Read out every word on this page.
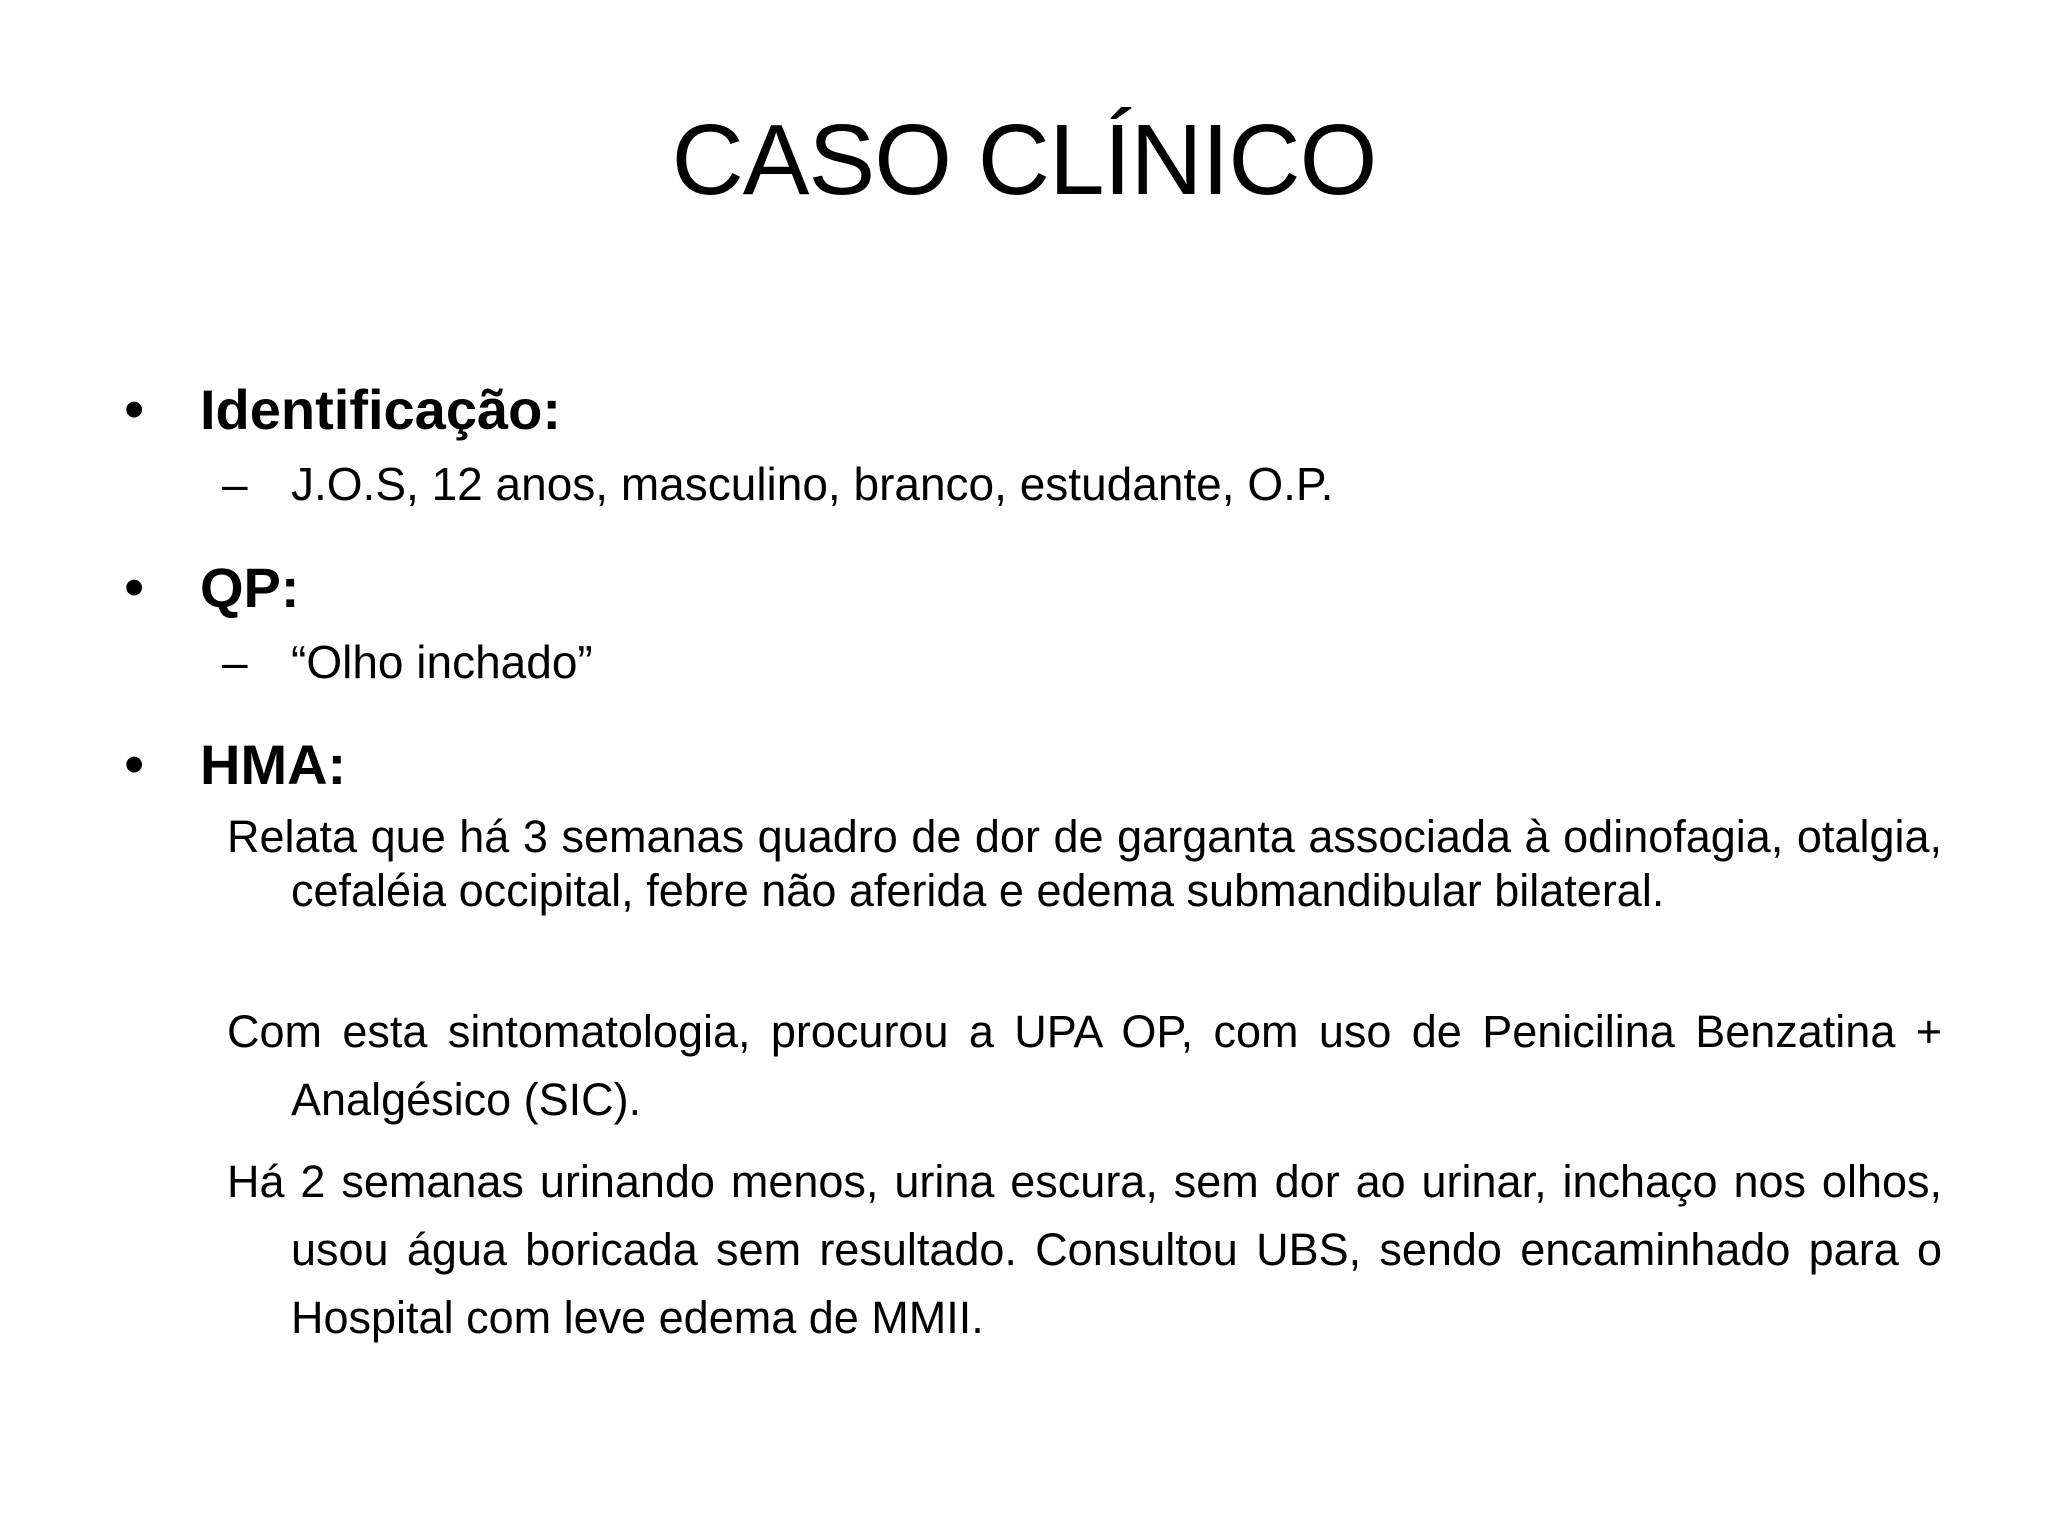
CASO CLÍNICO
• Identificação:
– J.O.S, 12 anos, masculino, branco, estudante, O.P.
• QP:
– “Olho inchado”
• HMA:

Relata que há 3 semanas quadro de dor de garganta associada à odinofagia, otalgia, cefaléia occipital, febre não aferida e edema submandibular bilateral.

Com esta sintomatologia, procurou a UPA OP, com uso de Penicilina Benzatina + Analgésico (SIC).

Há 2 semanas urinando menos, urina escura, sem dor ao urinar, inchaço nos olhos, usou água boricada sem resultado. Consultou UBS, sendo encaminhado para o Hospital com leve edema de MMII.
